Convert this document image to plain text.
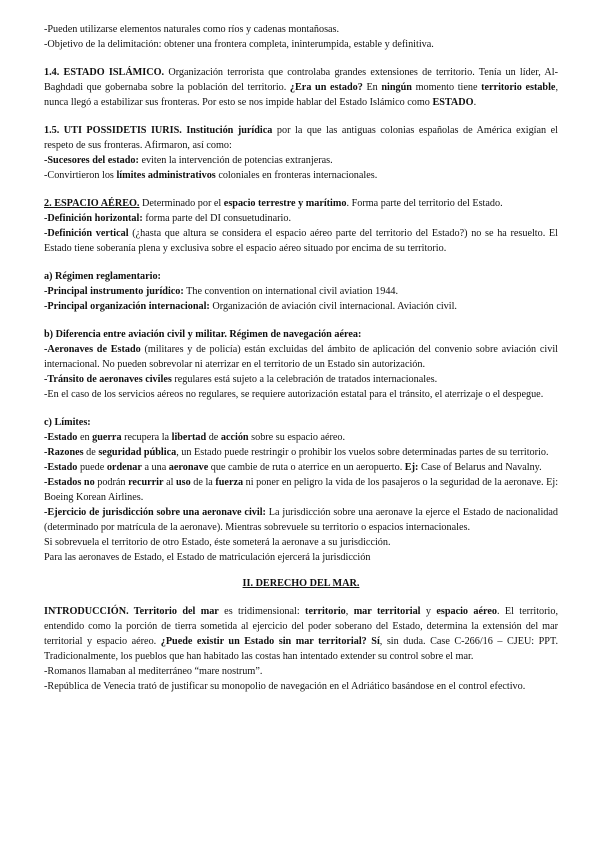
-Pueden utilizarse elementos naturales como ríos y cadenas montañosas.

-Objetivo de la delimitación: obtener una frontera completa, ininterumpida, estable y definitiva.

1.4. ESTADO ISLÁMICO. Organización terrorista que controlaba grandes extensiones de territorio. Tenía un líder, Al-Baghdadi que gobernaba sobre la población del territorio. ¿Era un estado? En ningún momento tiene territorio estable, nunca llegó a estabilizar sus fronteras. Por esto se nos impide hablar del Estado Islámico como ESTADO.

1.5. UTI POSSIDETIS IURIS. Institución jurídica por la que las antiguas colonias españolas de América exigían el respeto de sus fronteras. Afirmaron, así como:

-Sucesores del estado: eviten la intervención de potencias extranjeras.

-Convirtieron los límites administrativos coloniales en fronteras internacionales.

2. ESPACIO AÉREO. Determinado por el espacio terrestre y marítimo. Forma parte del territorio del Estado.

-Definición horizontal: forma parte del DI consuetudinario.

-Definición vertical (¿hasta que altura se considera el espacio aéreo parte del territorio del Estado?) no se ha resuelto. El Estado tiene soberanía plena y exclusiva sobre el espacio aéreo situado por encima de su territorio.

a) Régimen reglamentario:

-Principal instrumento jurídico: The convention on international civil aviation 1944.

-Principal organización internacional: Organización de aviación civil internacional. Aviación civil.

b) Diferencia entre aviación civil y militar. Régimen de navegación aérea:

-Aeronaves de Estado (militares y de policía) están excluidas del ámbito de aplicación del convenio sobre aviación civil internacional. No pueden sobrevolar ni aterrizar en el territorio de un Estado sin autorización.

-Tránsito de aeronaves civiles regulares está sujeto a la celebración de tratados internacionales.

-En el caso de los servicios aéreos no regulares, se requiere autorización estatal para el tránsito, el aterrizaje o el despegue.

c) Límites:

-Estado en guerra recupera la libertad de acción sobre su espacio aéreo.

-Razones de seguridad pública, un Estado puede restringir o prohibir los vuelos sobre determinadas partes de su territorio.

-Estado puede ordenar a una aeronave que cambie de ruta o aterrice en un aeropuerto. Ej: Case of Belarus and Navalny.

-Estados no podrán recurrir al uso de la fuerza ni poner en peligro la vida de los pasajeros o la seguridad de la aeronave. Ej: Boeing Korean Airlines.

-Ejercicio de jurisdicción sobre una aeronave civil: La jurisdicción sobre una aeronave la ejerce el Estado de nacionalidad (determinado por matrícula de la aeronave). Mientras sobrevuele su territorio o espacios internacionales.

Si sobrevuela el territorio de otro Estado, éste someterá la aeronave a su jurisdicción.

Para las aeronaves de Estado, el Estado de matriculación ejercerá la jurisdicción

II. DERECHO DEL MAR.

INTRODUCCIÓN. Territorio del mar es tridimensional: territorio, mar territorial y espacio aéreo. El territorio, entendido como la porción de tierra sometida al ejercicio del poder soberano del Estado, determina la extensión del mar territorial y espacio aéreo. ¿Puede existir un Estado sin mar territorial? Sí, sin duda. Case C-266/16 – CJEU: PPT. Tradicionalmente, los pueblos que han habitado las costas han intentado extender su control sobre el mar.

-Romanos llamaban al mediterráneo “mare nostrum”.

-República de Venecia trató de justificar su monopolio de navegación en el Adriático basándose en el control efectivo.
